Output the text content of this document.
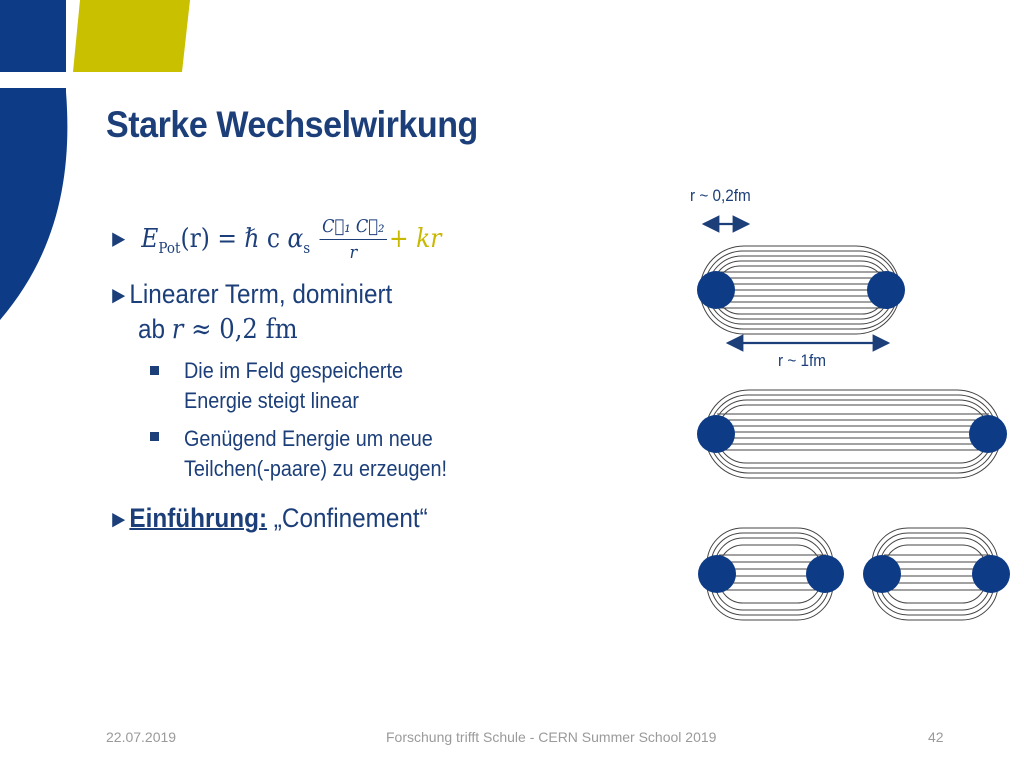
Starke Wechselwirkung
► $E_{Pot}(r)$ = ℏ c $\alpha_s \frac{\text{C⃗₁ C⃗₂}}{r}$ + kr
►Linearer Term, dominiert
ab r ≈ 0,2 fm
Die im Feld gespeicherte
Energie steigt linear
Genügend Energie um neue
Teilchen(-paare) zu erzeugen!
►Einführung: „Confinement“
r ~ 0,2fm
r ~ 1fm
22.07.2019	Forschung trifft Schule - CERN Summer School 2019	42
